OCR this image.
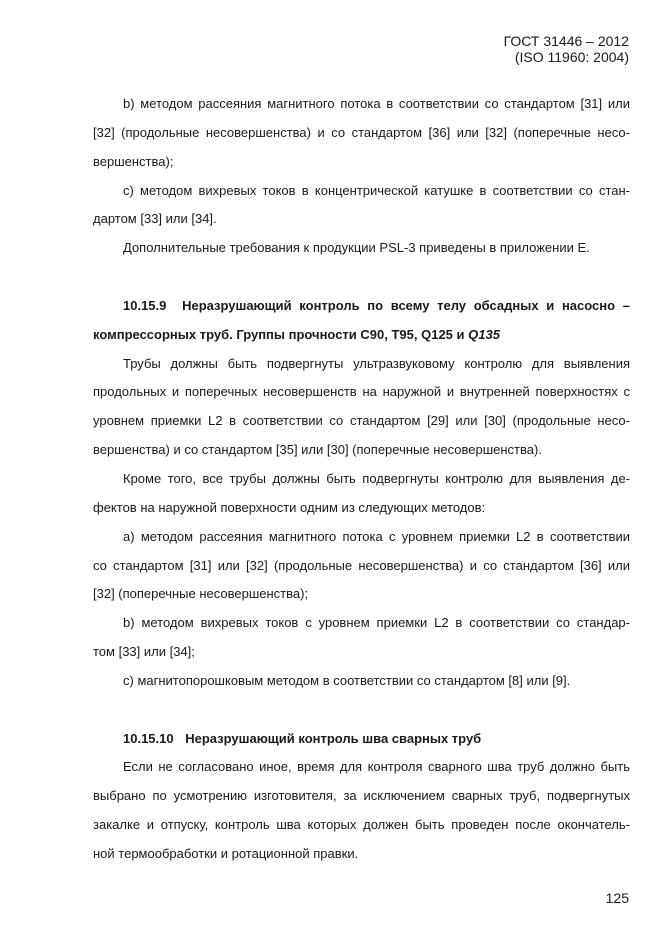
ГОСТ 31446 – 2012
(ISO 11960: 2004)
b) методом рассеяния магнитного потока в соответствии со стандартом [31] или
[32] (продольные несовершенства) и со стандартом [36] или [32] (поперечные несо-
вершенства);
c) методом вихревых токов в концентрической катушке в соответствии со стан-
дартом [33] или [34].
Дополнительные требования к продукции PSL-3 приведены в приложении Е.
10.15.9 Неразрушающий контроль по всему телу обсадных и насосно –
компрессорных труб. Группы прочности С90, Т95, Q125 и Q135
Трубы должны быть подвергнуты ультразвуковому контролю для выявления
продольных и поперечных несовершенств на наружной и внутренней поверхностях с
уровнем приемки L2 в соответствии со стандартом [29] или [30] (продольные несо-
вершенства) и со стандартом [35] или [30] (поперечные несовершенства).
Кроме того, все трубы должны быть подвергнуты контролю для выявления де-
фектов на наружной поверхности одним из следующих методов:
a) методом рассеяния магнитного потока с уровнем приемки L2 в соответствии
со стандартом [31] или [32] (продольные несовершенства) и со стандартом [36] или
[32] (поперечные несовершенства);
b) методом вихревых токов с уровнем приемки L2 в соответствии со стандар-
том [33] или [34];
c) магнитопорошковым методом в соответствии со стандартом [8] или [9].
10.15.10 Неразрушающий контроль шва сварных труб
Если не согласовано иное, время для контроля сварного шва труб должно быть
выбрано по усмотрению изготовителя, за исключением сварных труб, подвергнутых
закалке и отпуску, контроль шва которых должен быть проведен после окончатель-
ной термообработки и ротационной правки.
125
